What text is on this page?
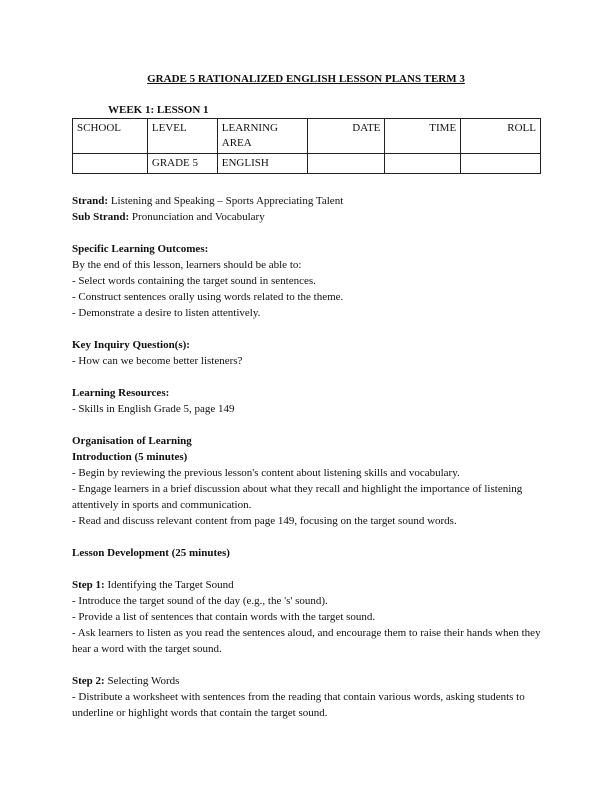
GRADE 5 RATIONALIZED ENGLISH LESSON PLANS TERM 3
WEEK 1: LESSON 1
SCHOOL	LEVEL	LEARNING AREA	DATE	TIME	ROLL
	GRADE 5	ENGLISH			

Strand: Listening and Speaking – Sports Appreciating Talent

Sub Strand: Pronunciation and Vocabulary

Specific Learning Outcomes:

By the end of this lesson, learners should be able to:

- Select words containing the target sound in sentences.

- Construct sentences orally using words related to the theme.

- Demonstrate a desire to listen attentively.

Key Inquiry Question(s):

- How can we become better listeners?

Learning Resources:

- Skills in English Grade 5, page 149

Organisation of Learning

Introduction (5 minutes)

- Begin by reviewing the previous lesson's content about listening skills and vocabulary.

- Engage learners in a brief discussion about what they recall and highlight the importance of listening attentively in sports and communication.

- Read and discuss relevant content from page 149, focusing on the target sound words.

Lesson Development (25 minutes)

Step 1: Identifying the Target Sound

- Introduce the target sound of the day (e.g., the 's' sound).

- Provide a list of sentences that contain words with the target sound.

- Ask learners to listen as you read the sentences aloud, and encourage them to raise their hands when they hear a word with the target sound.

Step 2: Selecting Words

- Distribute a worksheet with sentences from the reading that contain various words, asking students to underline or highlight words that contain the target sound.
